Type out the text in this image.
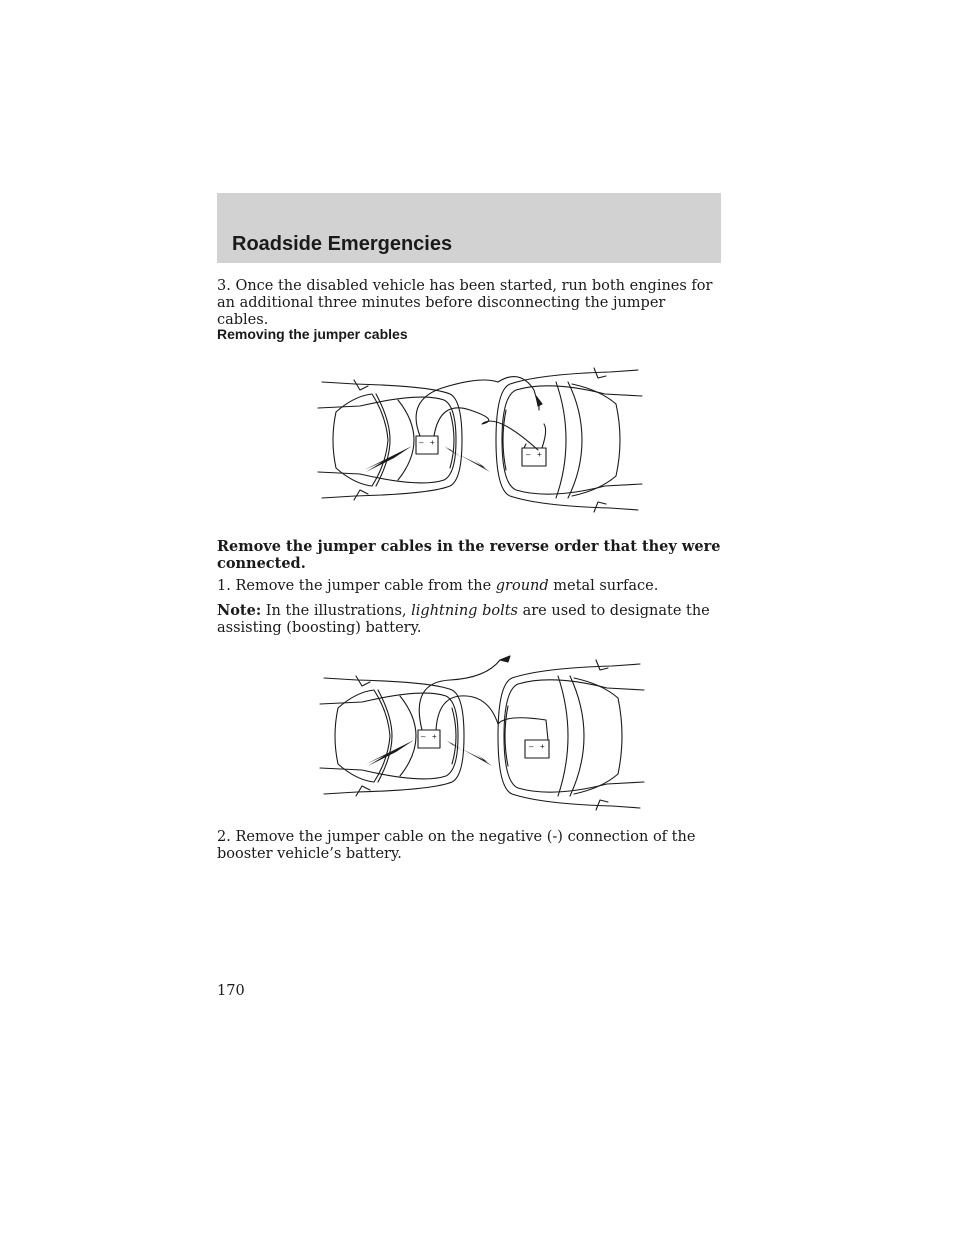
Roadside Emergencies

3. Once the disabled vehicle has been started, run both engines for an additional three minutes before disconnecting the jumper cables.

Removing the jumper cables
– +
– +

Remove the jumper cables in the reverse order that they were connected.

1. Remove the jumper cable from the ground metal surface.

Note: In the illustrations, lightning bolts are used to designate the assisting (boosting) battery.

– +
– +

2. Remove the jumper cable on the negative (-) connection of the booster vehicle’s battery.

170
